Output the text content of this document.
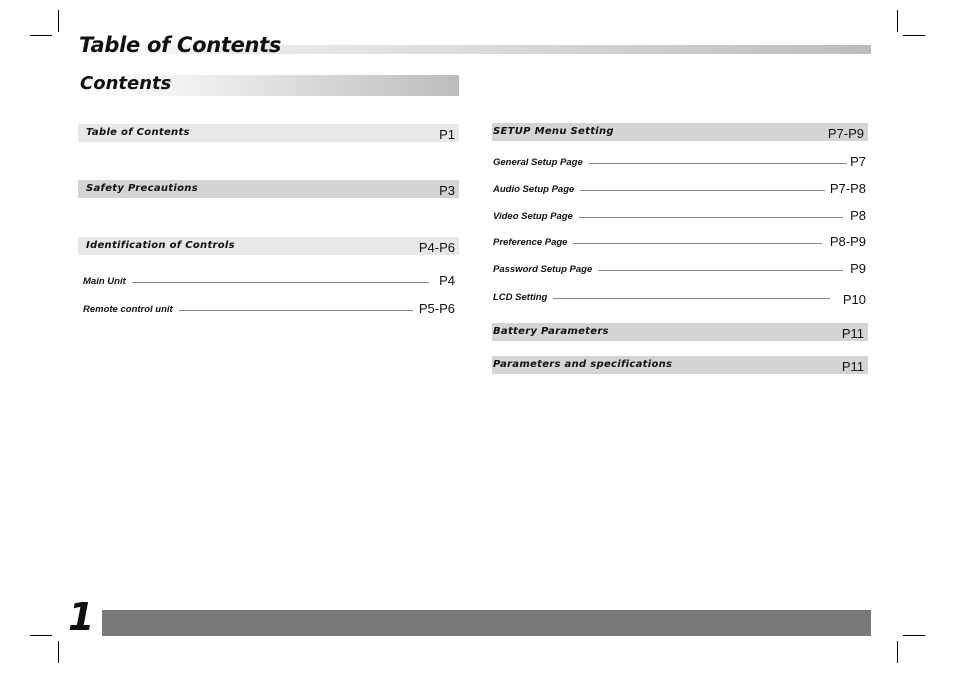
Table of Contents
Contents
Table of Contents	P1
Safety Precautions	P3
Identification of Controls	P4-P6
Main Unit	P4
Remote control unit	P5-P6
SETUP Menu Setting	P7-P9
General Setup Page	P7
Audio Setup Page	P7-P8
Video Setup Page	P8
Preference Page	P8-P9
Password Setup Page	P9
LCD Setting	P10
Battery Parameters	P11
Parameters and specifications	P11
1
